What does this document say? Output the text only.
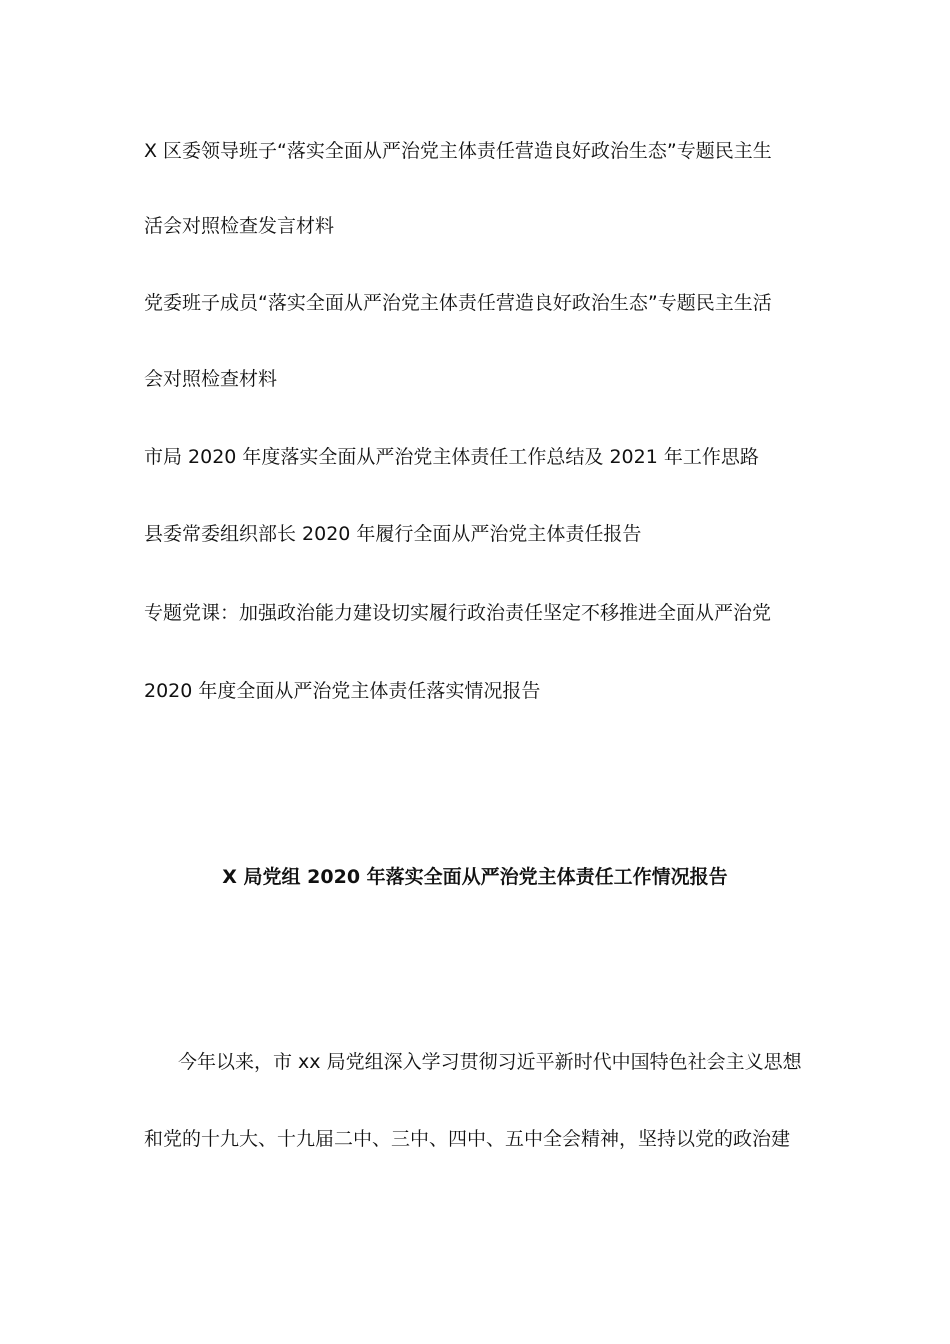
X 区委领导班子“落实全面从严治党主体责任营造良好政治生态”专题民主生
活会对照检查发言材料
党委班子成员“落实全面从严治党主体责任营造良好政治生态”专题民主生活
会对照检查材料
市局 2020 年度落实全面从严治党主体责任工作总结及 2021 年工作思路
县委常委组织部长 2020 年履行全面从严治党主体责任报告
专题党课：加强政治能力建设切实履行政治责任坚定不移推进全面从严治党
2020 年度全面从严治党主体责任落实情况报告
X 局党组 2020 年落实全面从严治党主体责任工作情况报告
今年以来，市 xx 局党组深入学习贯彻习近平新时代中国特色社会主义思想
和党的十九大、十九届二中、三中、四中、五中全会精神，坚持以党的政治建
